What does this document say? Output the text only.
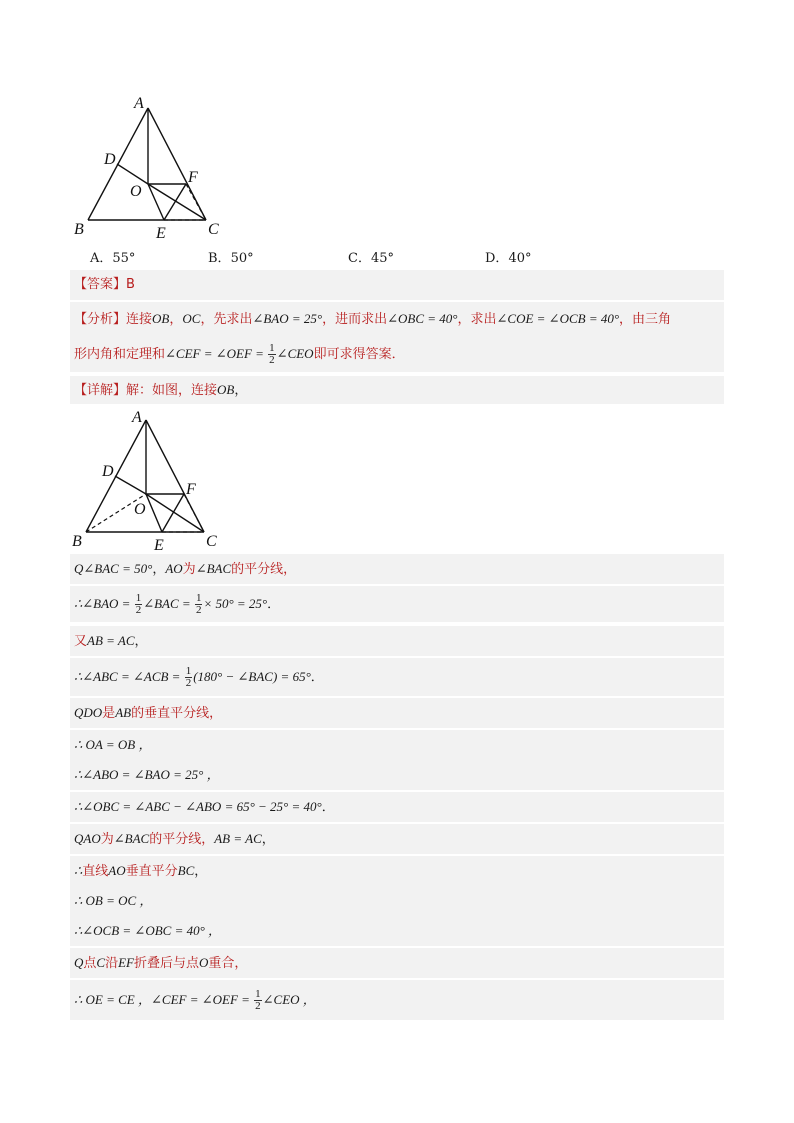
A
D
F
O
B	E	C
A．55°	B．50°	C．45°	D．40°
【答案】B
【分析】连接OB，OC，先求出∠BAO = 25°，进而求出∠OBC = 40°，求出∠COE = ∠OCB = 40°，由三角
形内角和定理和∠CEF = ∠OEF = $\frac{1}{2}$ ∠CEO即可求得答案．
【详解】解：如图，连接OB，
A
D
F
O
B	E	C
Q∠BAC = 50°，AO为∠BAC的平分线，
∴∠BAO = $\frac{1}{2}$ ∠BAC = $\frac{1}{2} \times 50^\circ = 25^\circ$．
又AB = AC，
∴∠ABC = ∠ACB = $\frac{1}{2} (180^\circ$ − ∠BAC) = 65°．
QDO是AB的垂直平分线，
∴ OA = OB ，
∴∠ABO = ∠BAO = 25° ，
∴∠OBC = ∠ABC − ∠ABO = 65° − 25° = 40°．
QAO为∠BAC的平分线，AB = AC，
∴直线AO垂直平分BC，
∴ OB = OC ，
∴∠OCB = ∠OBC = 40° ，
Q点C沿EF折叠后与点O重合，
∴ OE = CE ，∠CEF = ∠OEF = $\frac{1}{2}$ ∠CEO ，
